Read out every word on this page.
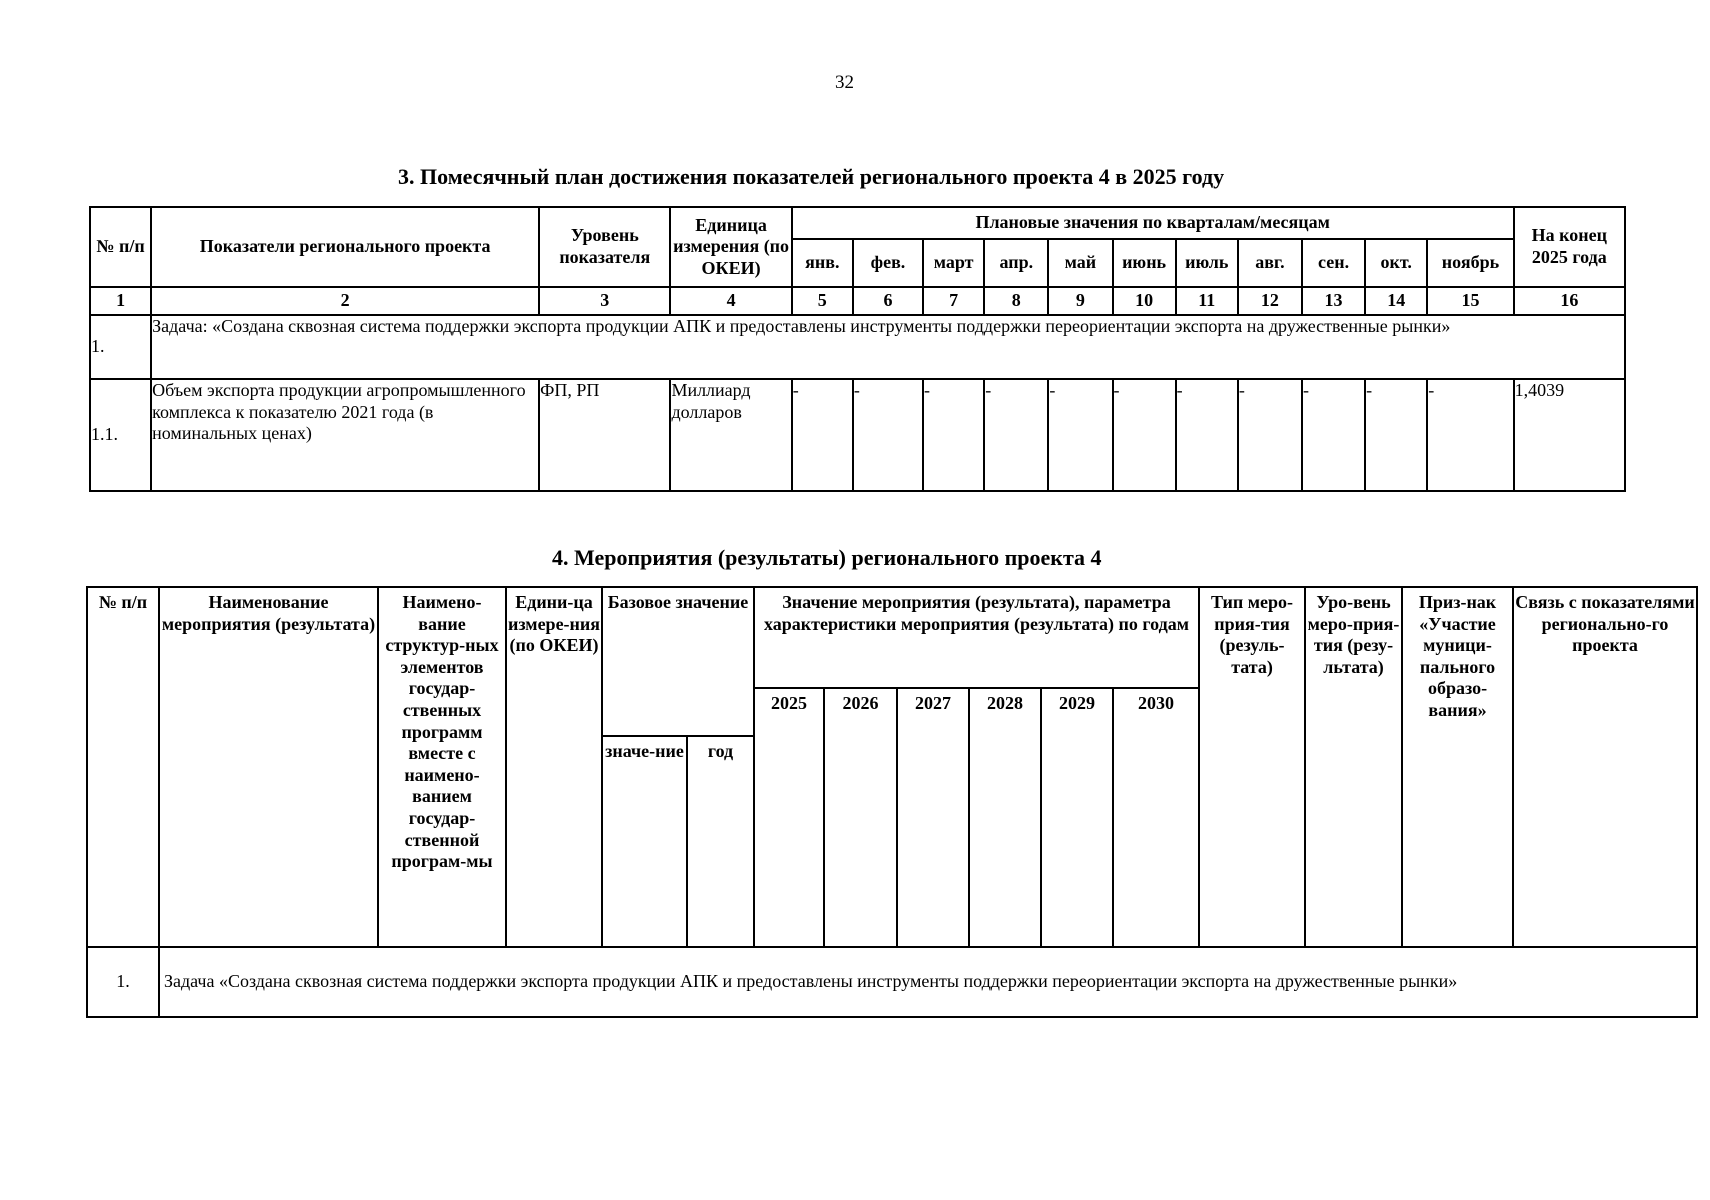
32
3. Помесячный план достижения показателей регионального проекта 4 в 2025 году
№ п/п	Показатели регионального проекта	Уровень показателя	Единица измерения (по ОКЕИ)	Плановые значения по кварталам/месяцам											На конец 2025 года
				янв.	фев.	март	апр.	май	июнь	июль	авг.	сен.	окт.	ноябрь	
1	2	3	4	5	6	7	8	9	10	11	12	13	14	15	16
1.	Задача: «Создана сквозная система поддержки экспорта продукции АПК и предоставлены инструменты поддержки переориентации экспорта на дружественные рынки»														
1.1.	Объем экспорта продукции агропромышленного комплекса к показателю 2021 года (в номинальных ценах)	ФП, РП	Миллиард долларов	-	-	-	-	-	-	-	-	-	-	-	1,4039
4. Мероприятия (результаты) регионального проекта 4
№ п/п	Наименование мероприятия (результата)	Наимено-вание структур-ных элементов государ-ственных программ вместе с наимено-ванием государ-ственной програм-мы	Едини-ца измере-ния (по ОКЕИ)	Базовое значение		Значение мероприятия (результата), параметра характеристики мероприятия (результата) по годам						Тип меро-прия-тия (резуль-тата)	Уро-вень меро-прия-тия (резу-льтата)	Приз-нак «Участие муници-пального образо-вания»	Связь с показателями регионально-го проекта
						2025	2026	2027	2028	2029	2030				
				значе-ние	год										
1.	Задача «Создана сквозная система поддержки экспорта продукции АПК и предоставлены инструменты поддержки переориентации экспорта на дружественные рынки»														
